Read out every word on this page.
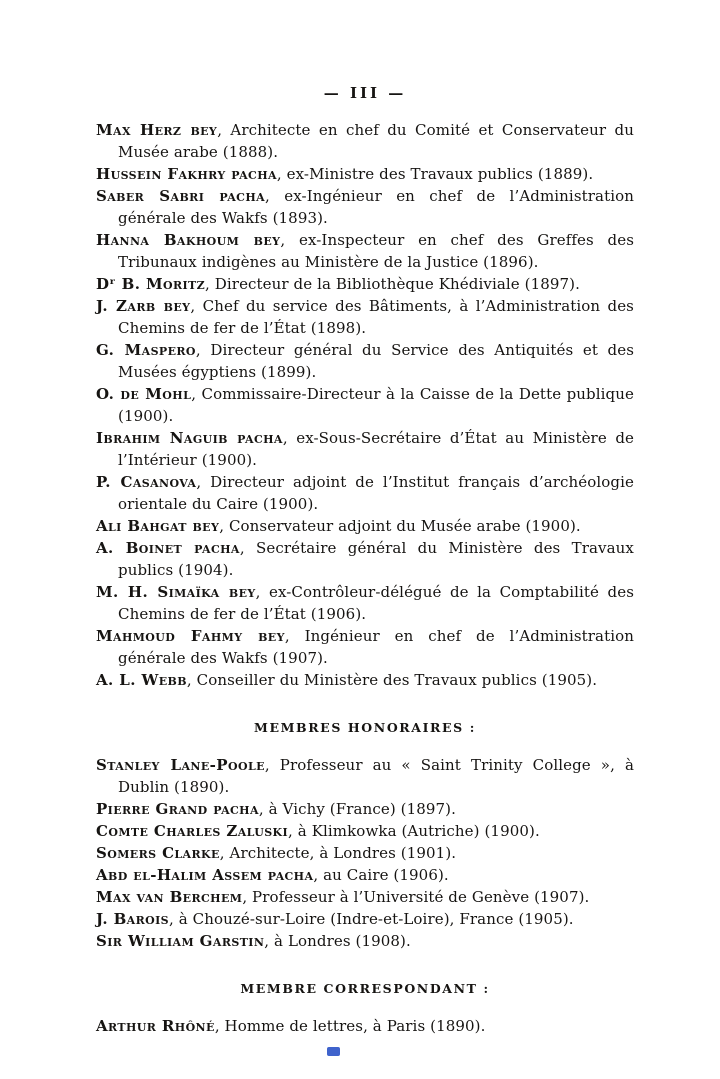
— III —

Max Herz bey, Architecte en chef du Comité et Conservateur du Musée arabe (1888).

Hussein Fakhry pacha, ex-Ministre des Travaux publics (1889).

Saber Sabri pacha, ex-Ingénieur en chef de l’Administration générale des Wakfs (1893).

Hanna Bakhoum bey, ex-Inspecteur en chef des Greffes des Tribunaux indigènes au Ministère de la Justice (1896).

Dʳ B. Moritz, Directeur de la Bibliothèque Khédiviale (1897).

J. Zarb bey, Chef du service des Bâtiments, à l’Administration des Chemins de fer de l’État (1898).

G. Maspero, Directeur général du Service des Antiquités et des Musées égyptiens (1899).

O. de Mohl, Commissaire-Directeur à la Caisse de la Dette publique (1900).

Ibrahim Naguib pacha, ex-Sous-Secrétaire d’État au Ministère de l’Intérieur (1900).

P. Casanova, Directeur adjoint de l’Institut français d’archéologie orientale du Caire (1900).

Ali Bahgat bey, Conservateur adjoint du Musée arabe (1900).

A. Boinet pacha, Secrétaire général du Ministère des Travaux publics (1904).

M. H. Simaïka bey, ex-Contrôleur-délégué de la Comptabilité des Chemins de fer de l’État (1906).

Mahmoud Fahmy bey, Ingénieur en chef de l’Administration générale des Wakfs (1907).

A. L. Webb, Conseiller du Ministère des Travaux publics (1905).

MEMBRES HONORAIRES :

Stanley Lane-Poole, Professeur au « Saint Trinity College », à Dublin (1890).

Pierre Grand pacha, à Vichy (France) (1897).

Comte Charles Zaluski, à Klimkowka (Autriche) (1900).

Somers Clarke, Architecte, à Londres (1901).

Abd el-Halim Assem pacha, au Caire (1906).

Max van Berchem, Professeur à l’Université de Genève (1907).

J. Barois, à Chouzé-sur-Loire (Indre-et-Loire), France (1905).

Sir William Garstin, à Londres (1908).

MEMBRE CORRESPONDANT :

Arthur Rhôné, Homme de lettres, à Paris (1890).
